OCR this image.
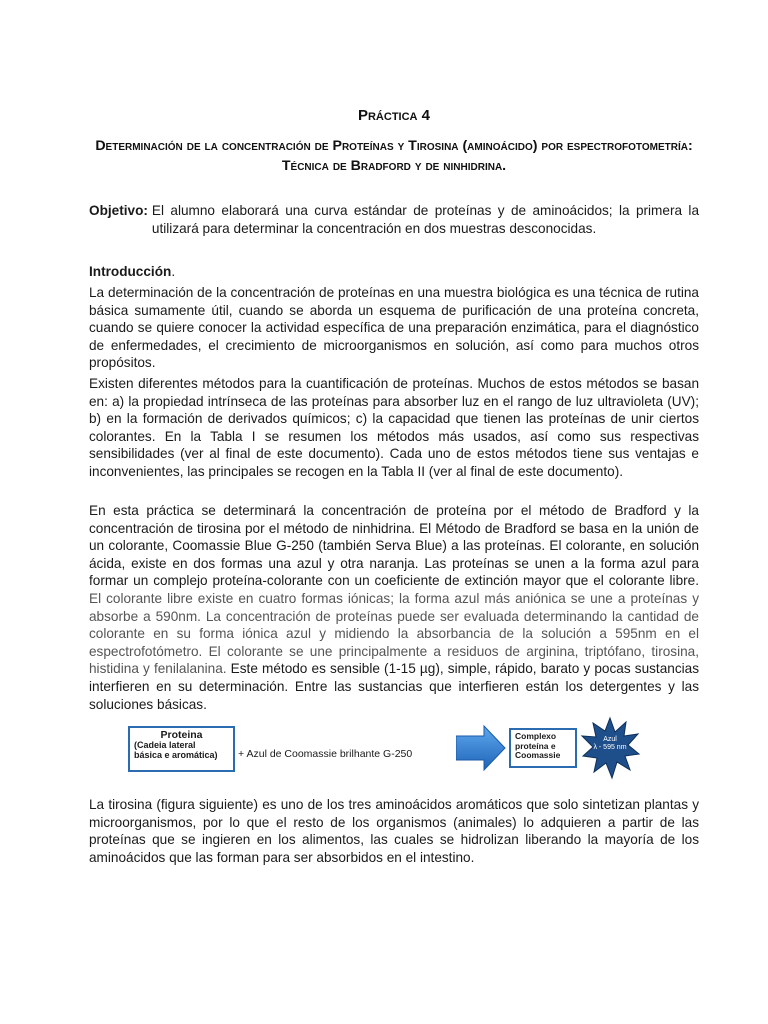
Práctica 4
Determinación de la concentración de Proteínas y Tirosina (aminoácido) por espectrofotometría: Técnica de Bradford y de ninhidrina.
Objetivo: El alumno elaborará una curva estándar de proteínas y de aminoácidos; la primera la utilizará para determinar la concentración en dos muestras desconocidas.
Introducción.

La determinación de la concentración de proteínas en una muestra biológica es una técnica de rutina básica sumamente útil, cuando se aborda un esquema de purificación de una proteína concreta, cuando se quiere conocer la actividad específica de una preparación enzimática, para el diagnóstico de enfermedades, el crecimiento de microorganismos en solución, así como para muchos otros propósitos.

Existen diferentes métodos para la cuantificación de proteínas. Muchos de estos métodos se basan en: a) la propiedad intrínseca de las proteínas para absorber luz en el rango de luz ultravioleta (UV); b) en la formación de derivados químicos; c) la capacidad que tienen las proteínas de unir ciertos colorantes. En la Tabla I se resumen los métodos más usados, así como sus respectivas sensibilidades (ver al final de este documento). Cada uno de estos métodos tiene sus ventajas e inconvenientes, las principales se recogen en la Tabla II (ver al final de este documento).

En esta práctica se determinará la concentración de proteína por el método de Bradford y la concentración de tirosina por el método de ninhidrina. El Método de Bradford se basa en la unión de un colorante, Coomassie Blue G-250 (también Serva Blue) a las proteínas. El colorante, en solución ácida, existe en dos formas una azul y otra naranja. Las proteínas se unen a la forma azul para formar un complejo proteína-colorante con un coeficiente de extinción mayor que el colorante libre. El colorante libre existe en cuatro formas iónicas; la forma azul más aniónica se une a proteínas y absorbe a 590nm. La concentración de proteínas puede ser evaluada determinando la cantidad de colorante en su forma iónica azul y midiendo la absorbancia de la solución a 595nm en el espectrofotómetro. El colorante se une principalmente a residuos de arginina, triptófano, tirosina, histidina y fenilalanina. Este método es sensible (1-15 µg), simple, rápido, barato y pocas sustancias interfieren en su determinación. Entre las sustancias que interfieren están los detergentes y las soluciones básicas.

Proteina
(Cadeia lateral
básica e aromática)	+ Azul de Coomassie brilhante G-250
Complexo
proteína e
Coomassie
Azul
λ - 595 nm

La tirosina (figura siguiente) es uno de los tres aminoácidos aromáticos que solo sintetizan plantas y microorganismos, por lo que el resto de los organismos (animales) lo adquieren a partir de las proteínas que se ingieren en los alimentos, las cuales se hidrolizan liberando la mayoría de los aminoácidos que las forman para ser absorbidos en el intestino.
